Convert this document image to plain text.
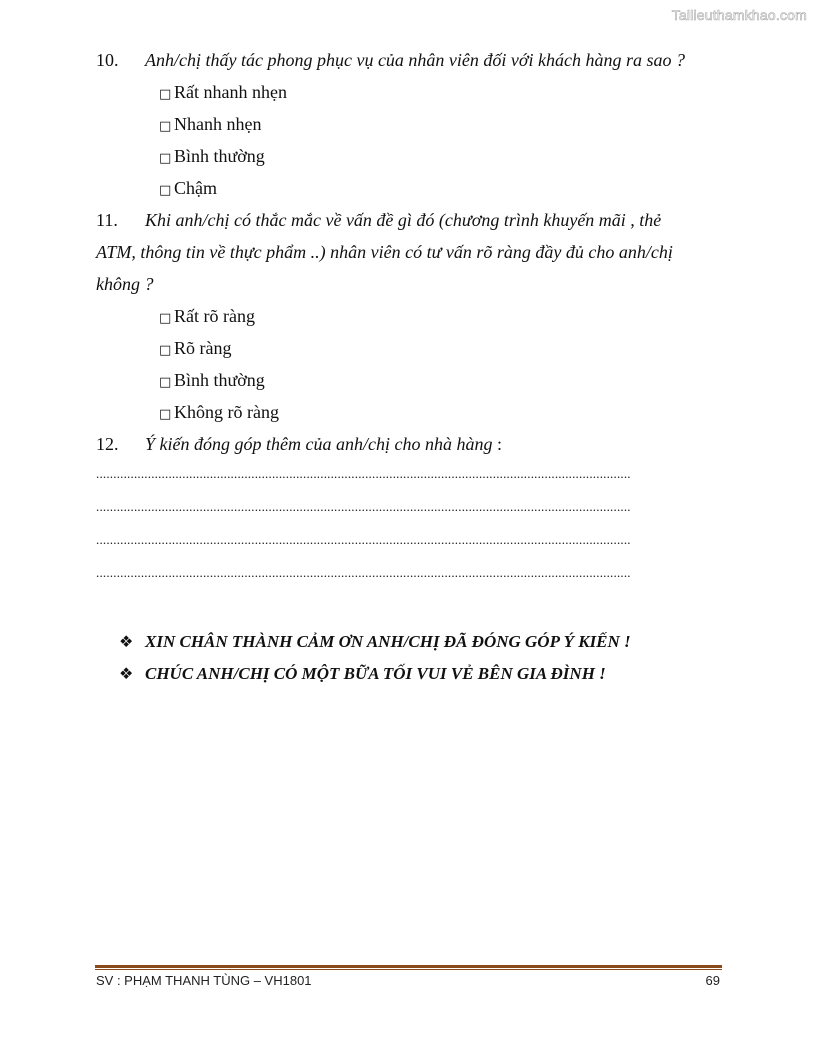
Tailieuthamkhao.com
10. Anh/chị thấy tác phong phục vụ của nhân viên đối với khách hàng ra sao ?
□ Rất nhanh nhẹn
□ Nhanh nhẹn
□ Bình thường
□ Chậm
11. Khi anh/chị có thắc mắc về vấn đề gì đó (chương trình khuyến mãi , thẻ
ATM, thông tin về thực phẩm ..) nhân viên có tư vấn rõ ràng đầy đủ cho anh/chị
không ?
□ Rất rõ ràng
□ Rõ ràng
□ Bình thường
□ Không rõ ràng
12. Ý kiến đóng góp thêm của anh/chị cho nhà hàng :
...........................................................................................................................................................
...........................................................................................................................................................
...........................................................................................................................................................
...........................................................................................................................................................
❖ XIN CHÂN THÀNH CẢM ƠN ANH/CHỊ ĐÃ ĐÓNG GÓP Ý KIẾN !
❖ CHÚC ANH/CHỊ CÓ MỘT BỮA TỐI VUI VẺ BÊN GIA ĐÌNH !
SV : PHẠM THANH TÙNG – VH1801	69
